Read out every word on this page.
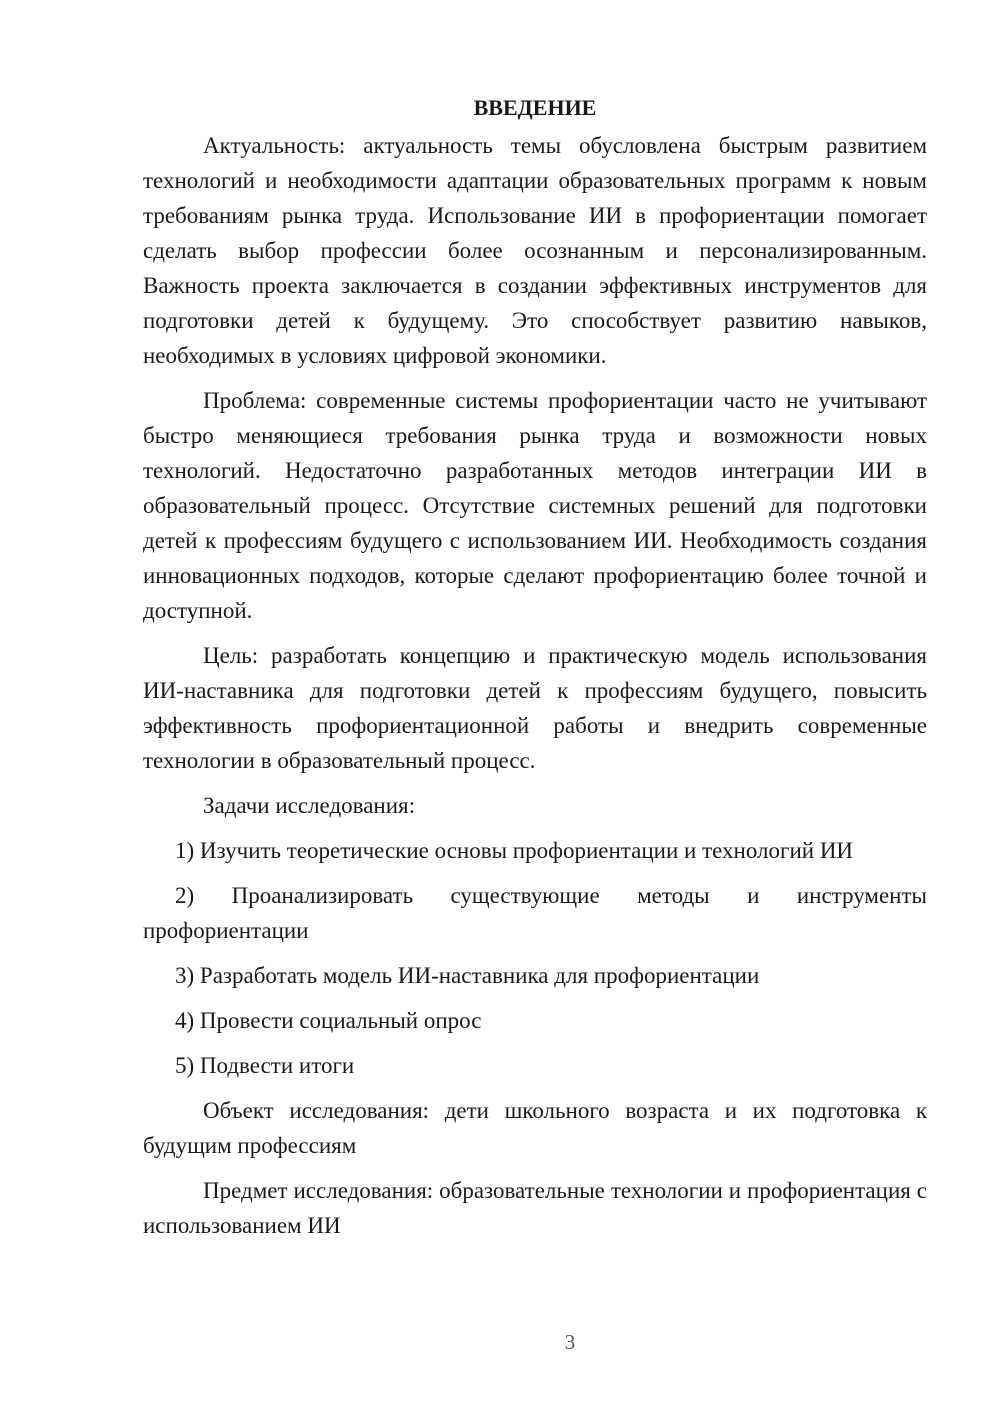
ВВЕДЕНИЕ

Актуальность: актуальность темы обусловлена быстрым развитием технологий и необходимости адаптации образовательных программ к новым требованиям рынка труда. Использование ИИ в профориентации помогает сделать выбор профессии более осознанным и персонализированным. Важность проекта заключается в создании эффективных инструментов для подготовки детей к будущему. Это способствует развитию навыков, необходимых в условиях цифровой экономики.

Проблема: современные системы профориентации часто не учитывают быстро меняющиеся требования рынка труда и возможности новых технологий. Недостаточно разработанных методов интеграции ИИ в образовательный процесс. Отсутствие системных решений для подготовки детей к профессиям будущего с использованием ИИ. Необходимость создания инновационных подходов, которые сделают профориентацию более точной и доступной.

Цель: разработать концепцию и практическую модель использования ИИ-наставника для подготовки детей к профессиям будущего, повысить эффективность профориентационной работы и внедрить современные технологии в образовательный процесс.

Задачи исследования:

1) Изучить теоретические основы профориентации и технологий ИИ

2) Проанализировать существующие методы и инструменты профориентации

3) Разработать модель ИИ-наставника для профориентации

4) Провести социальный опрос

5) Подвести итоги

Объект исследования: дети школьного возраста и их подготовка к будущим профессиям

Предмет исследования: образовательные технологии и профориентация с использованием ИИ

3
